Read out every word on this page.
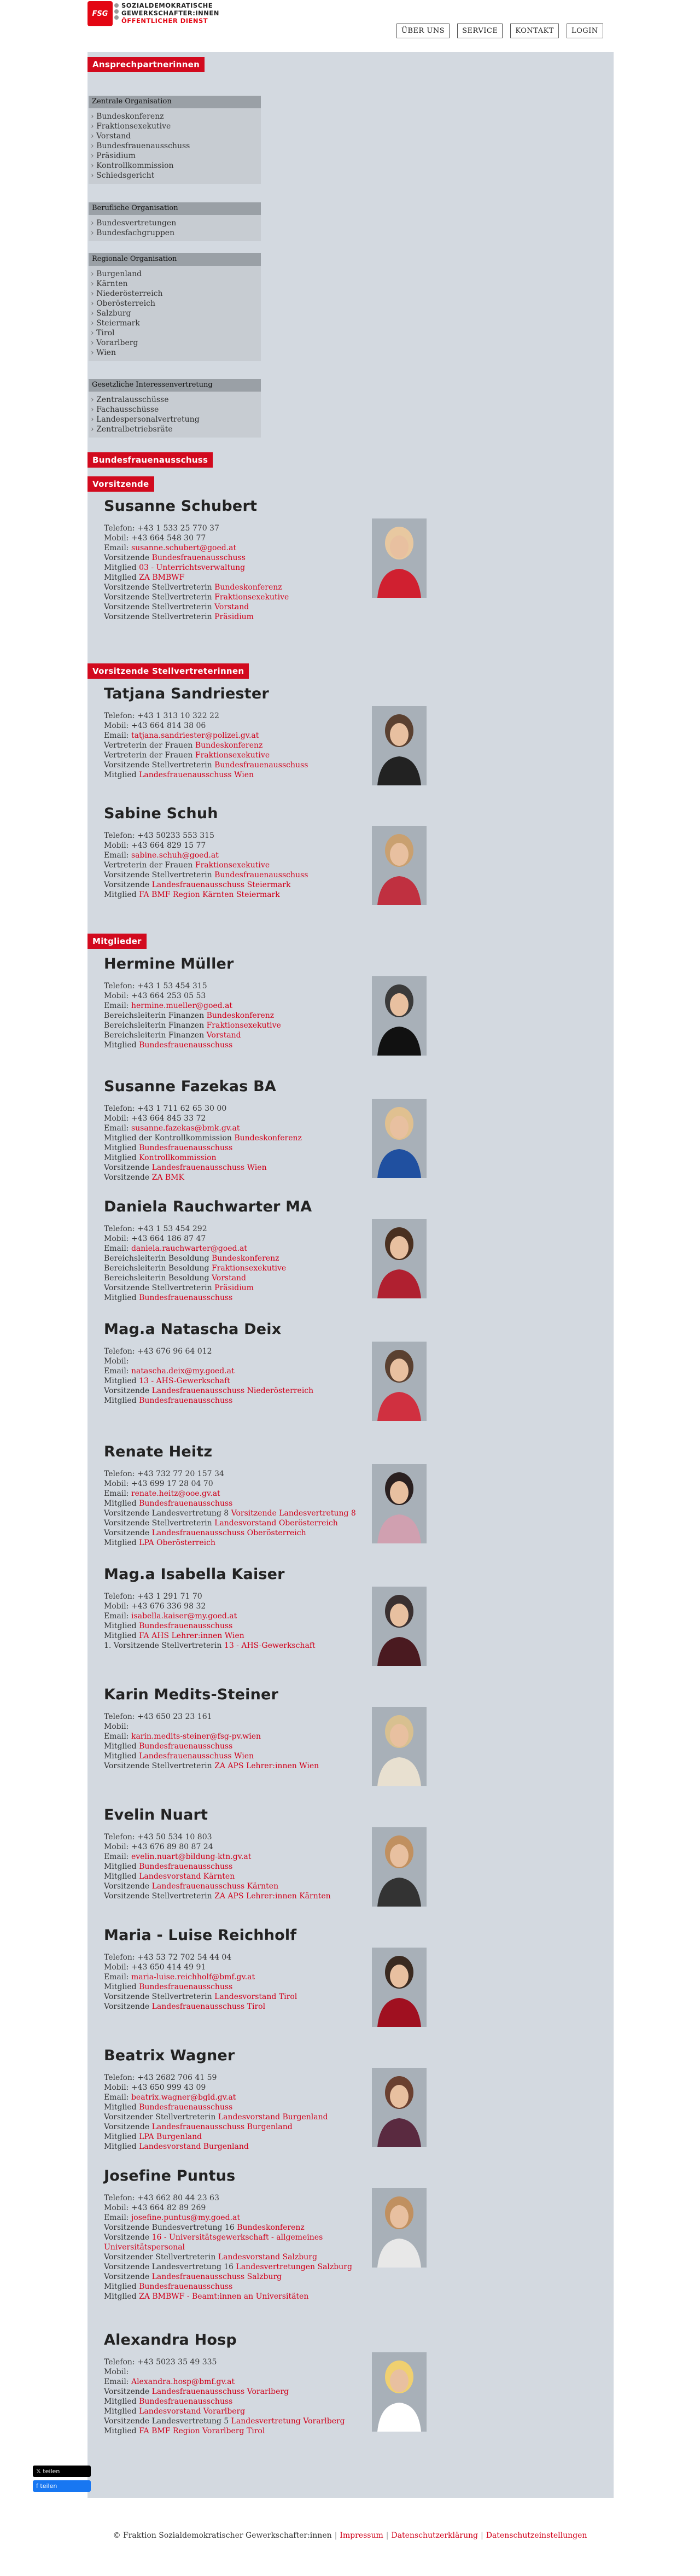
FSG
SOZIALDEMOKRATISCHE
GEWERKSCHAFTER:INNEN
ÖFFENTLICHER DIENST
ÜBER UNS	SERVICE	KONTAKT	LOGIN
Ansprechpartnerinnen
Zentrale Organisation
› Bundeskonferenz
› Fraktionsexekutive
› Vorstand
› Bundesfrauenausschuss
› Präsidium
› Kontrollkommission
› Schiedsgericht
Berufliche Organisation
› Bundesvertretungen
› Bundesfachgruppen
Regionale Organisation
› Burgenland
› Kärnten
› Niederösterreich
› Oberösterreich
› Salzburg
› Steiermark
› Tirol
› Vorarlberg
› Wien
Gesetzliche Interessenvertretung
› Zentralausschüsse
› Fachausschüsse
› Landespersonalvertretung
› Zentralbetriebsräte
Bundesfrauenausschuss
Vorsitzende
Vorsitzende Stellvertreterinnen
Mitglieder
Susanne Schubert
Telefon: +43 1 533 25 770 37
Mobil: +43 664 548 30 77
Email: susanne.schubert@goed.at
Vorsitzende Bundesfrauenausschuss
Mitglied 03 - Unterrichtsverwaltung
Mitglied ZA BMBWF
Vorsitzende Stellvertreterin Bundeskonferenz
Vorsitzende Stellvertreterin Fraktionsexekutive
Vorsitzende Stellvertreterin Vorstand
Vorsitzende Stellvertreterin Präsidium
Tatjana Sandriester
Telefon: +43 1 313 10 322 22
Mobil: +43 664 814 38 06
Email: tatjana.sandriester@polizei.gv.at
Vertreterin der Frauen Bundeskonferenz
Vertreterin der Frauen Fraktionsexekutive
Vorsitzende Stellvertreterin Bundesfrauenausschuss
Mitglied Landesfrauenausschuss Wien
Sabine Schuh
Telefon: +43 50233 553 315
Mobil: +43 664 829 15 77
Email: sabine.schuh@goed.at
Vertreterin der Frauen Fraktionsexekutive
Vorsitzende Stellvertreterin Bundesfrauenausschuss
Vorsitzende Landesfrauenausschuss Steiermark
Mitglied FA BMF Region Kärnten Steiermark
Hermine Müller
Telefon: +43 1 53 454 315
Mobil: +43 664 253 05 53
Email: hermine.mueller@goed.at
Bereichsleiterin Finanzen Bundeskonferenz
Bereichsleiterin Finanzen Fraktionsexekutive
Bereichsleiterin Finanzen Vorstand
Mitglied Bundesfrauenausschuss
Susanne Fazekas BA
Telefon: +43 1 711 62 65 30 00
Mobil: +43 664 845 33 72
Email: susanne.fazekas@bmk.gv.at
Mitglied der Kontrollkommission Bundeskonferenz
Mitglied Bundesfrauenausschuss
Mitglied Kontrollkommission
Vorsitzende Landesfrauenausschuss Wien
Vorsitzende ZA BMK
Daniela Rauchwarter MA
Telefon: +43 1 53 454 292
Mobil: +43 664 186 87 47
Email: daniela.rauchwarter@goed.at
Bereichsleiterin Besoldung Bundeskonferenz
Bereichsleiterin Besoldung Fraktionsexekutive
Bereichsleiterin Besoldung Vorstand
Vorsitzende Stellvertreterin Präsidium
Mitglied Bundesfrauenausschuss
Mag.a Natascha Deix
Telefon: +43 676 96 64 012
Mobil:
Email: natascha.deix@my.goed.at
Mitglied 13 - AHS-Gewerkschaft
Vorsitzende Landesfrauenausschuss Niederösterreich
Mitglied Bundesfrauenausschuss
Renate Heitz
Telefon: +43 732 77 20 157 34
Mobil: +43 699 17 28 04 70
Email: renate.heitz@ooe.gv.at
Mitglied Bundesfrauenausschuss
Vorsitzende Landesvertretung 8 Vorsitzende Landesvertretung 8
Vorsitzende Stellvertreterin Landesvorstand Oberösterreich
Vorsitzende Landesfrauenausschuss Oberösterreich
Mitglied LPA Oberösterreich
Mag.a Isabella Kaiser
Telefon: +43 1 291 71 70
Mobil: +43 676 336 98 32
Email: isabella.kaiser@my.goed.at
Mitglied Bundesfrauenausschuss
Mitglied FA AHS Lehrer:innen Wien
1. Vorsitzende Stellvertreterin 13 - AHS-Gewerkschaft
Karin Medits-Steiner
Telefon: +43 650 23 23 161
Mobil:
Email: karin.medits-steiner@fsg-pv.wien
Mitglied Bundesfrauenausschuss
Mitglied Landesfrauenausschuss Wien
Vorsitzende Stellvertreterin ZA APS Lehrer:innen Wien
Evelin Nuart
Telefon: +43 50 534 10 803
Mobil: +43 676 89 80 87 24
Email: evelin.nuart@bildung-ktn.gv.at
Mitglied Bundesfrauenausschuss
Mitglied Landesvorstand Kärnten
Vorsitzende Landesfrauenausschuss Kärnten
Vorsitzende Stellvertreterin ZA APS Lehrer:innen Kärnten
Maria - Luise Reichholf
Telefon: +43 53 72 702 54 44 04
Mobil: +43 650 414 49 91
Email: maria-luise.reichholf@bmf.gv.at
Mitglied Bundesfrauenausschuss
Vorsitzende Stellvertreterin Landesvorstand Tirol
Vorsitzende Landesfrauenausschuss Tirol
Beatrix Wagner
Telefon: +43 2682 706 41 59
Mobil: +43 650 999 43 09
Email: beatrix.wagner@bgld.gv.at
Mitglied Bundesfrauenausschuss
Vorsitzender Stellvertreterin Landesvorstand Burgenland
Vorsitzende Landesfrauenausschuss Burgenland
Mitglied LPA Burgenland
Mitglied Landesvorstand Burgenland
Josefine Puntus
Telefon: +43 662 80 44 23 63
Mobil: +43 664 82 89 269
Email: josefine.puntus@my.goed.at
Vorsitzende Bundesvertretung 16 Bundeskonferenz
Vorsitzende 16 - Universitätsgewerkschaft - allgemeines
Universitätspersonal
Vorsitzender Stellvertreterin Landesvorstand Salzburg
Vorsitzende Landesvertretung 16 Landesvertretungen Salzburg
Vorsitzende Landesfrauenausschuss Salzburg
Mitglied Bundesfrauenausschuss
Mitglied ZA BMBWF - Beamt:innen an Universitäten
Alexandra Hosp
Telefon: +43 5023 35 49 335
Mobil:
Email: Alexandra.hosp@bmf.gv.at
Vorsitzende Landesfrauenausschuss Vorarlberg
Mitglied Bundesfrauenausschuss
Mitglied Landesvorstand Vorarlberg
Vorsitzende Landesvertretung 5 Landesvertretung Vorarlberg
Mitglied FA BMF Region Vorarlberg Tirol
𝕏 teilen
f teilen
© Fraktion Sozialdemokratischer Gewerkschafter:innen | Impressum | Datenschutzerklärung | Datenschutzeinstellungen
